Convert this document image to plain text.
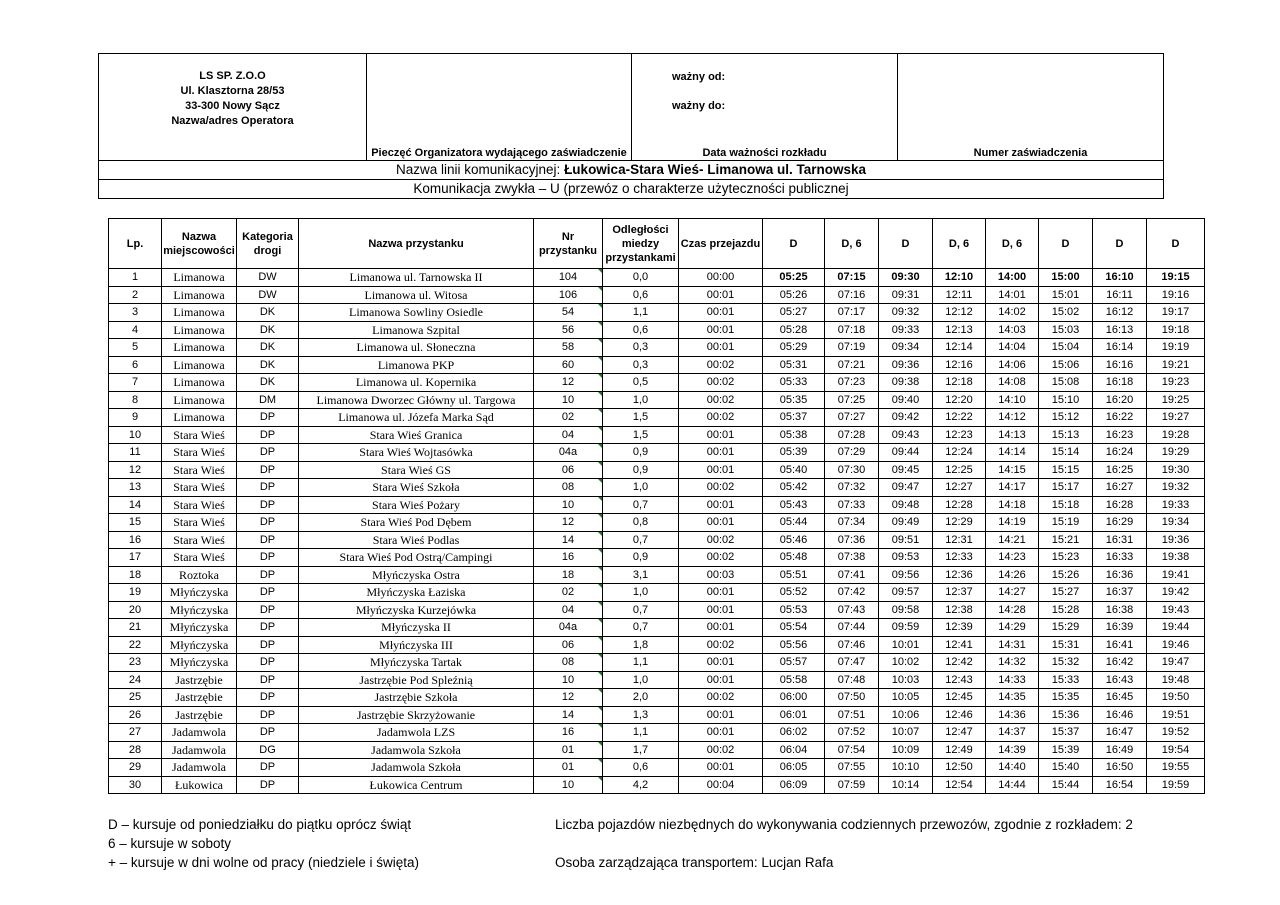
LS SP. Z.O.O
Ul. Klasztorna 28/53
33-300 Nowy Sącz
Nazwa/adres Operatora
Pieczęć Organizatora wydającego zaświadczenie
ważny od:
ważny do:
Data ważności rozkładu	Numer zaświadczenia
Nazwa linii komunikacyjnej: Łukowica-Stara Wieś- Limanowa ul. Tarnowska
Komunikacja zwykła – U (przewóz o charakterze użyteczności publicznej
Lp.	Nazwa miejscowości	Kategoria drogi	Nazwa przystanku	Nr przystanku	Odległości miedzy przystankami	Czas przejazdu	D	D, 6	D	D, 6	D, 6	D	D	D
1	Limanowa	DW	Limanowa ul. Tarnowska II	104	0,0	00:00	05:25	07:15	09:30	12:10	14:00	15:00	16:10	19:15
2	Limanowa	DW	Limanowa ul. Witosa	106	0,6	00:01	05:26	07:16	09:31	12:11	14:01	15:01	16:11	19:16
3	Limanowa	DK	Limanowa Sowliny Osiedle	54	1,1	00:01	05:27	07:17	09:32	12:12	14:02	15:02	16:12	19:17
4	Limanowa	DK	Limanowa Szpital	56	0,6	00:01	05:28	07:18	09:33	12:13	14:03	15:03	16:13	19:18
5	Limanowa	DK	Limanowa ul. Słoneczna	58	0,3	00:01	05:29	07:19	09:34	12:14	14:04	15:04	16:14	19:19
6	Limanowa	DK	Limanowa PKP	60	0,3	00:02	05:31	07:21	09:36	12:16	14:06	15:06	16:16	19:21
7	Limanowa	DK	Limanowa ul. Kopernika	12	0,5	00:02	05:33	07:23	09:38	12:18	14:08	15:08	16:18	19:23
8	Limanowa	DM	Limanowa Dworzec Główny ul. Targowa	10	1,0	00:02	05:35	07:25	09:40	12:20	14:10	15:10	16:20	19:25
9	Limanowa	DP	Limanowa ul. Józefa Marka Sąd	02	1,5	00:02	05:37	07:27	09:42	12:22	14:12	15:12	16:22	19:27
10	Stara Wieś	DP	Stara Wieś Granica	04	1,5	00:01	05:38	07:28	09:43	12:23	14:13	15:13	16:23	19:28
11	Stara Wieś	DP	Stara Wieś Wojtasówka	04a	0,9	00:01	05:39	07:29	09:44	12:24	14:14	15:14	16:24	19:29
12	Stara Wieś	DP	Stara Wieś GS	06	0,9	00:01	05:40	07:30	09:45	12:25	14:15	15:15	16:25	19:30
13	Stara Wieś	DP	Stara Wieś Szkoła	08	1,0	00:02	05:42	07:32	09:47	12:27	14:17	15:17	16:27	19:32
14	Stara Wieś	DP	Stara Wieś Pożary	10	0,7	00:01	05:43	07:33	09:48	12:28	14:18	15:18	16:28	19:33
15	Stara Wieś	DP	Stara Wieś Pod Dębem	12	0,8	00:01	05:44	07:34	09:49	12:29	14:19	15:19	16:29	19:34
16	Stara Wieś	DP	Stara Wieś Podlas	14	0,7	00:02	05:46	07:36	09:51	12:31	14:21	15:21	16:31	19:36
17	Stara Wieś	DP	Stara Wieś Pod Ostrą/Campingi	16	0,9	00:02	05:48	07:38	09:53	12:33	14:23	15:23	16:33	19:38
18	Roztoka	DP	Młyńczyska Ostra	18	3,1	00:03	05:51	07:41	09:56	12:36	14:26	15:26	16:36	19:41
19	Młyńczyska	DP	Młyńczyska Łaziska	02	1,0	00:01	05:52	07:42	09:57	12:37	14:27	15:27	16:37	19:42
20	Młyńczyska	DP	Młyńczyska Kurzejówka	04	0,7	00:01	05:53	07:43	09:58	12:38	14:28	15:28	16:38	19:43
21	Młyńczyska	DP	Młyńczyska II	04a	0,7	00:01	05:54	07:44	09:59	12:39	14:29	15:29	16:39	19:44
22	Młyńczyska	DP	Młyńczyska III	06	1,8	00:02	05:56	07:46	10:01	12:41	14:31	15:31	16:41	19:46
23	Młyńczyska	DP	Młyńczyska Tartak	08	1,1	00:01	05:57	07:47	10:02	12:42	14:32	15:32	16:42	19:47
24	Jastrzębie	DP	Jastrzębie Pod Spleźnią	10	1,0	00:01	05:58	07:48	10:03	12:43	14:33	15:33	16:43	19:48
25	Jastrzębie	DP	Jastrzębie Szkoła	12	2,0	00:02	06:00	07:50	10:05	12:45	14:35	15:35	16:45	19:50
26	Jastrzębie	DP	Jastrzębie Skrzyżowanie	14	1,3	00:01	06:01	07:51	10:06	12:46	14:36	15:36	16:46	19:51
27	Jadamwola	DP	Jadamwola LZS	16	1,1	00:01	06:02	07:52	10:07	12:47	14:37	15:37	16:47	19:52
28	Jadamwola	DG	Jadamwola Szkoła	01	1,7	00:02	06:04	07:54	10:09	12:49	14:39	15:39	16:49	19:54
29	Jadamwola	DP	Jadamwola Szkoła	01	0,6	00:01	06:05	07:55	10:10	12:50	14:40	15:40	16:50	19:55
30	Łukowica	DP	Łukowica Centrum	10	4,2	00:04	06:09	07:59	10:14	12:54	14:44	15:44	16:54	19:59
D – kursuje od poniedziałku do piątku oprócz świąt
6 – kursuje w soboty
+ – kursuje w dni wolne od pracy (niedziele i święta)
Liczba pojazdów niezbędnych do wykonywania codziennych przewozów, zgodnie z rozkładem: 2
Osoba zarządzająca transportem: Lucjan Rafa
